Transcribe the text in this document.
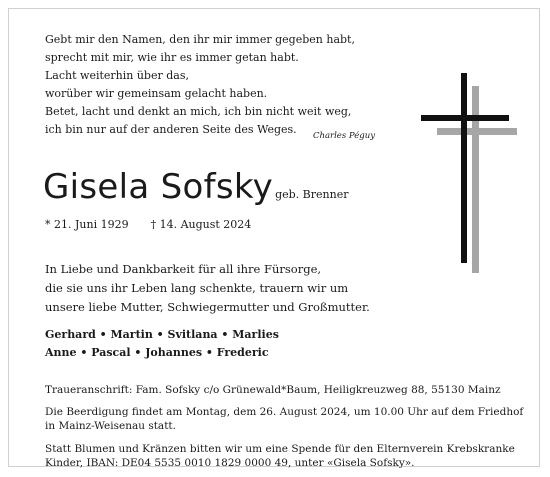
Gebt mir den Namen, den ihr mir immer gegeben habt,
sprecht mit mir, wie ihr es immer getan habt.
Lacht weiterhin über das,
worüber wir gemeinsam gelacht haben.
Betet, lacht und denkt an mich, ich bin nicht weit weg,
ich bin nur auf der anderen Seite des Weges.	Charles Péguy
Gisela Sofsky geb. Brenner
* 21. Juni 1929 † 14. August 2024
In Liebe und Dankbarkeit für all ihre Fürsorge,
die sie uns ihr Leben lang schenkte, trauern wir um
unsere liebe Mutter, Schwiegermutter und Großmutter.
Gerhard • Martin • Svitlana • Marlies
Anne • Pascal • Johannes • Frederic
Traueranschrift: Fam. Sofsky c/o Grünewald*Baum, Heiligkreuzweg 88, 55130 Mainz
Die Beerdigung findet am Montag, dem 26. August 2024, um 10.00 Uhr auf dem Friedhof
in Mainz-Weisenau statt.
Statt Blumen und Kränzen bitten wir um eine Spende für den Elternverein Krebskranke
Kinder, IBAN: DE04 5535 0010 1829 0000 49, unter «Gisela Sofsky».
